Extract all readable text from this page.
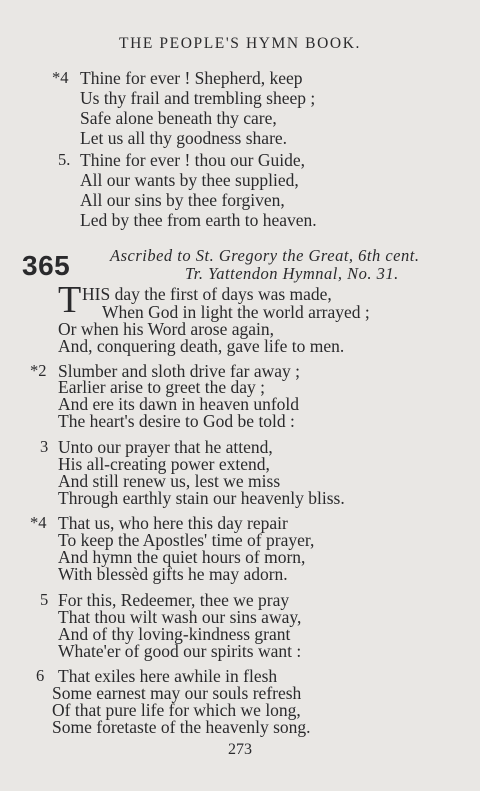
THE PEOPLE'S HYMN BOOK.
*4 Thine for ever ! Shepherd, keep
Us thy frail and trembling sheep ;
Safe alone beneath thy care,
Let us all thy goodness share.
5. Thine for ever ! thou our Guide,
All our wants by thee supplied,
All our sins by thee forgiven,
Led by thee from earth to heaven.
365 Ascribed to St. Gregory the Great, 6th cent.
Tr. Yattendon Hymnal, No. 31.
T HIS day the first of days was made,
When God in light the world arrayed ;
Or when his Word arose again,
And, conquering death, gave life to men.
*2 Slumber and sloth drive far away ;
Earlier arise to greet the day ;
And ere its dawn in heaven unfold
The heart's desire to God be told :
3 Unto our prayer that he attend,
His all-creating power extend,
And still renew us, lest we miss
Through earthly stain our heavenly bliss.
*4 That us, who here this day repair
To keep the Apostles' time of prayer,
And hymn the quiet hours of morn,
With blessèd gifts he may adorn.
5 For this, Redeemer, thee we pray
That thou wilt wash our sins away,
And of thy loving-kindness grant
Whate'er of good our spirits want :
6 That exiles here awhile in flesh
Some earnest may our souls refresh
Of that pure life for which we long,
Some foretaste of the heavenly song.
273
